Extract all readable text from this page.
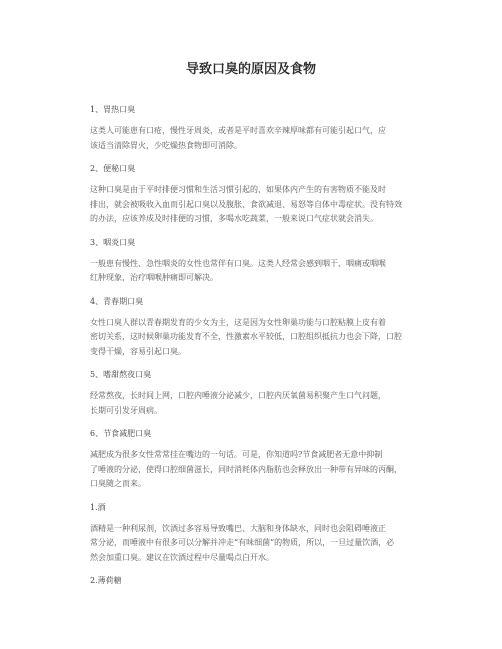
导致口臭的原因及食物
1、胃热口臭
这类人可能患有口疮，慢性牙周炎，或者是平时喜欢辛辣厚味都有可能引起口气，应
该适当清除胃火，少吃燥热食物即可消除。
2、便秘口臭
这种口臭是由于平时排便习惯和生活习惯引起的，如果体内产生的有害物质不能及时
排出，就会被吸收入血而引起口臭以及腹胀、食欲减退、易怒等自体中毒症状。没有特效
的办法，应该养成及时排便的习惯，多喝水吃蔬菜，一般来说口气症状就会消失。
3、咽炎口臭
一般患有慢性、急性咽炎的女性也常伴有口臭。这类人经常会感到咽干、咽痛或咽喉
红肿现象，治疗咽喉肿痛即可解决。
4、青春期口臭
女性口臭人群以青春期发育的少女为主，这是因为女性卵巢功能与口腔粘膜上皮有着
密切关系，这时候卵巢功能发育不全，性激素水平较低，口腔组织抵抗力也会下降，口腔
变得干燥，容易引起口臭。
5、嗜甜熬夜口臭
经常熬夜，长时间上网，口腔内唾液分泌减少，口腔内厌氧菌易积聚产生口气问题，
长期可引发牙周病。
6、节食减肥口臭
减肥成为很多女性常常挂在嘴边的一句话。可是，你知道吗?节食减肥者无意中抑制
了唾液的分泌，使得口腔细菌滋长，同时消耗体内脂肪也会释放出一种带有异味的丙酮，
口臭随之而来。
1.酒
酒精是一种利尿剂，饮酒过多容易导致嘴巴、大脑和身体缺水，同时也会阻碍唾液正
常分泌，而唾液中有很多可以分解并冲走“有味细菌”的物质，所以，一旦过量饮酒，必
然会加重口臭。建议在饮酒过程中尽量喝点白开水。
2.薄荷糖
